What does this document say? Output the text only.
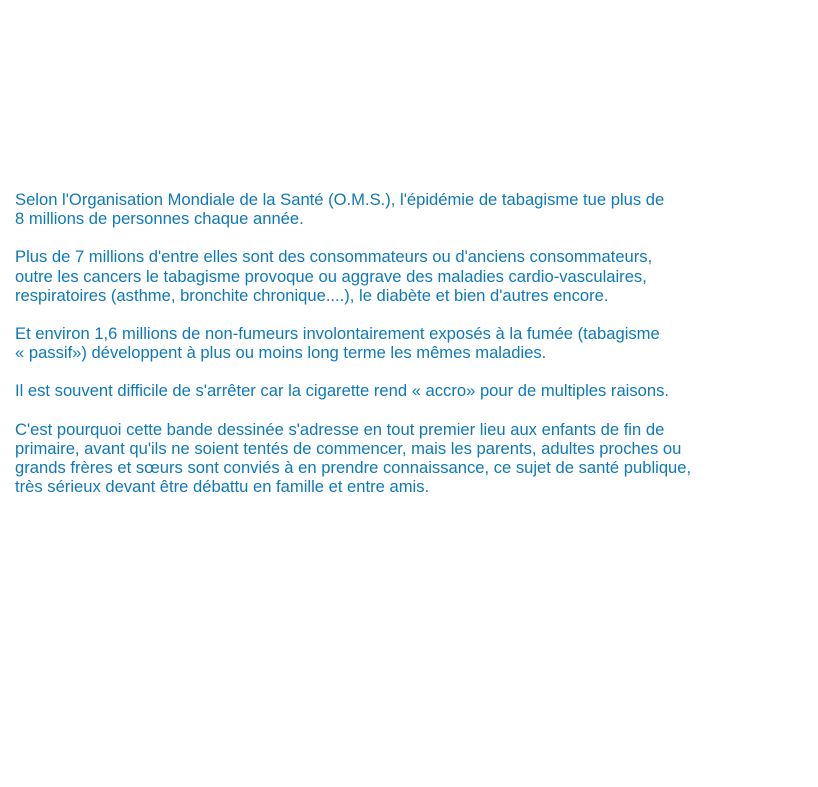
Selon l'Organisation Mondiale de la Santé (O.M.S.), l'épidémie de tabagisme tue plus de
8 millions de personnes chaque année.

Plus de 7 millions d'entre elles sont des consommateurs ou d'anciens consommateurs,
outre les cancers le tabagisme provoque ou aggrave des maladies cardio-vasculaires,
respiratoires (asthme, bronchite chronique....), le diabète et bien d'autres encore.

Et environ 1,6 millions de non-fumeurs involontairement exposés à la fumée (tabagisme
« passif») développent à plus ou moins long terme les mêmes maladies.

Il est souvent difficile de s'arrêter car la cigarette rend « accro» pour de multiples raisons.

C'est pourquoi cette bande dessinée s'adresse en tout premier lieu aux enfants de fin de
primaire, avant qu'ils ne soient tentés de commencer, mais les parents, adultes proches ou
grands frères et sœurs sont conviés à en prendre connaissance, ce sujet de santé publique,
très sérieux devant être débattu en famille et entre amis.
